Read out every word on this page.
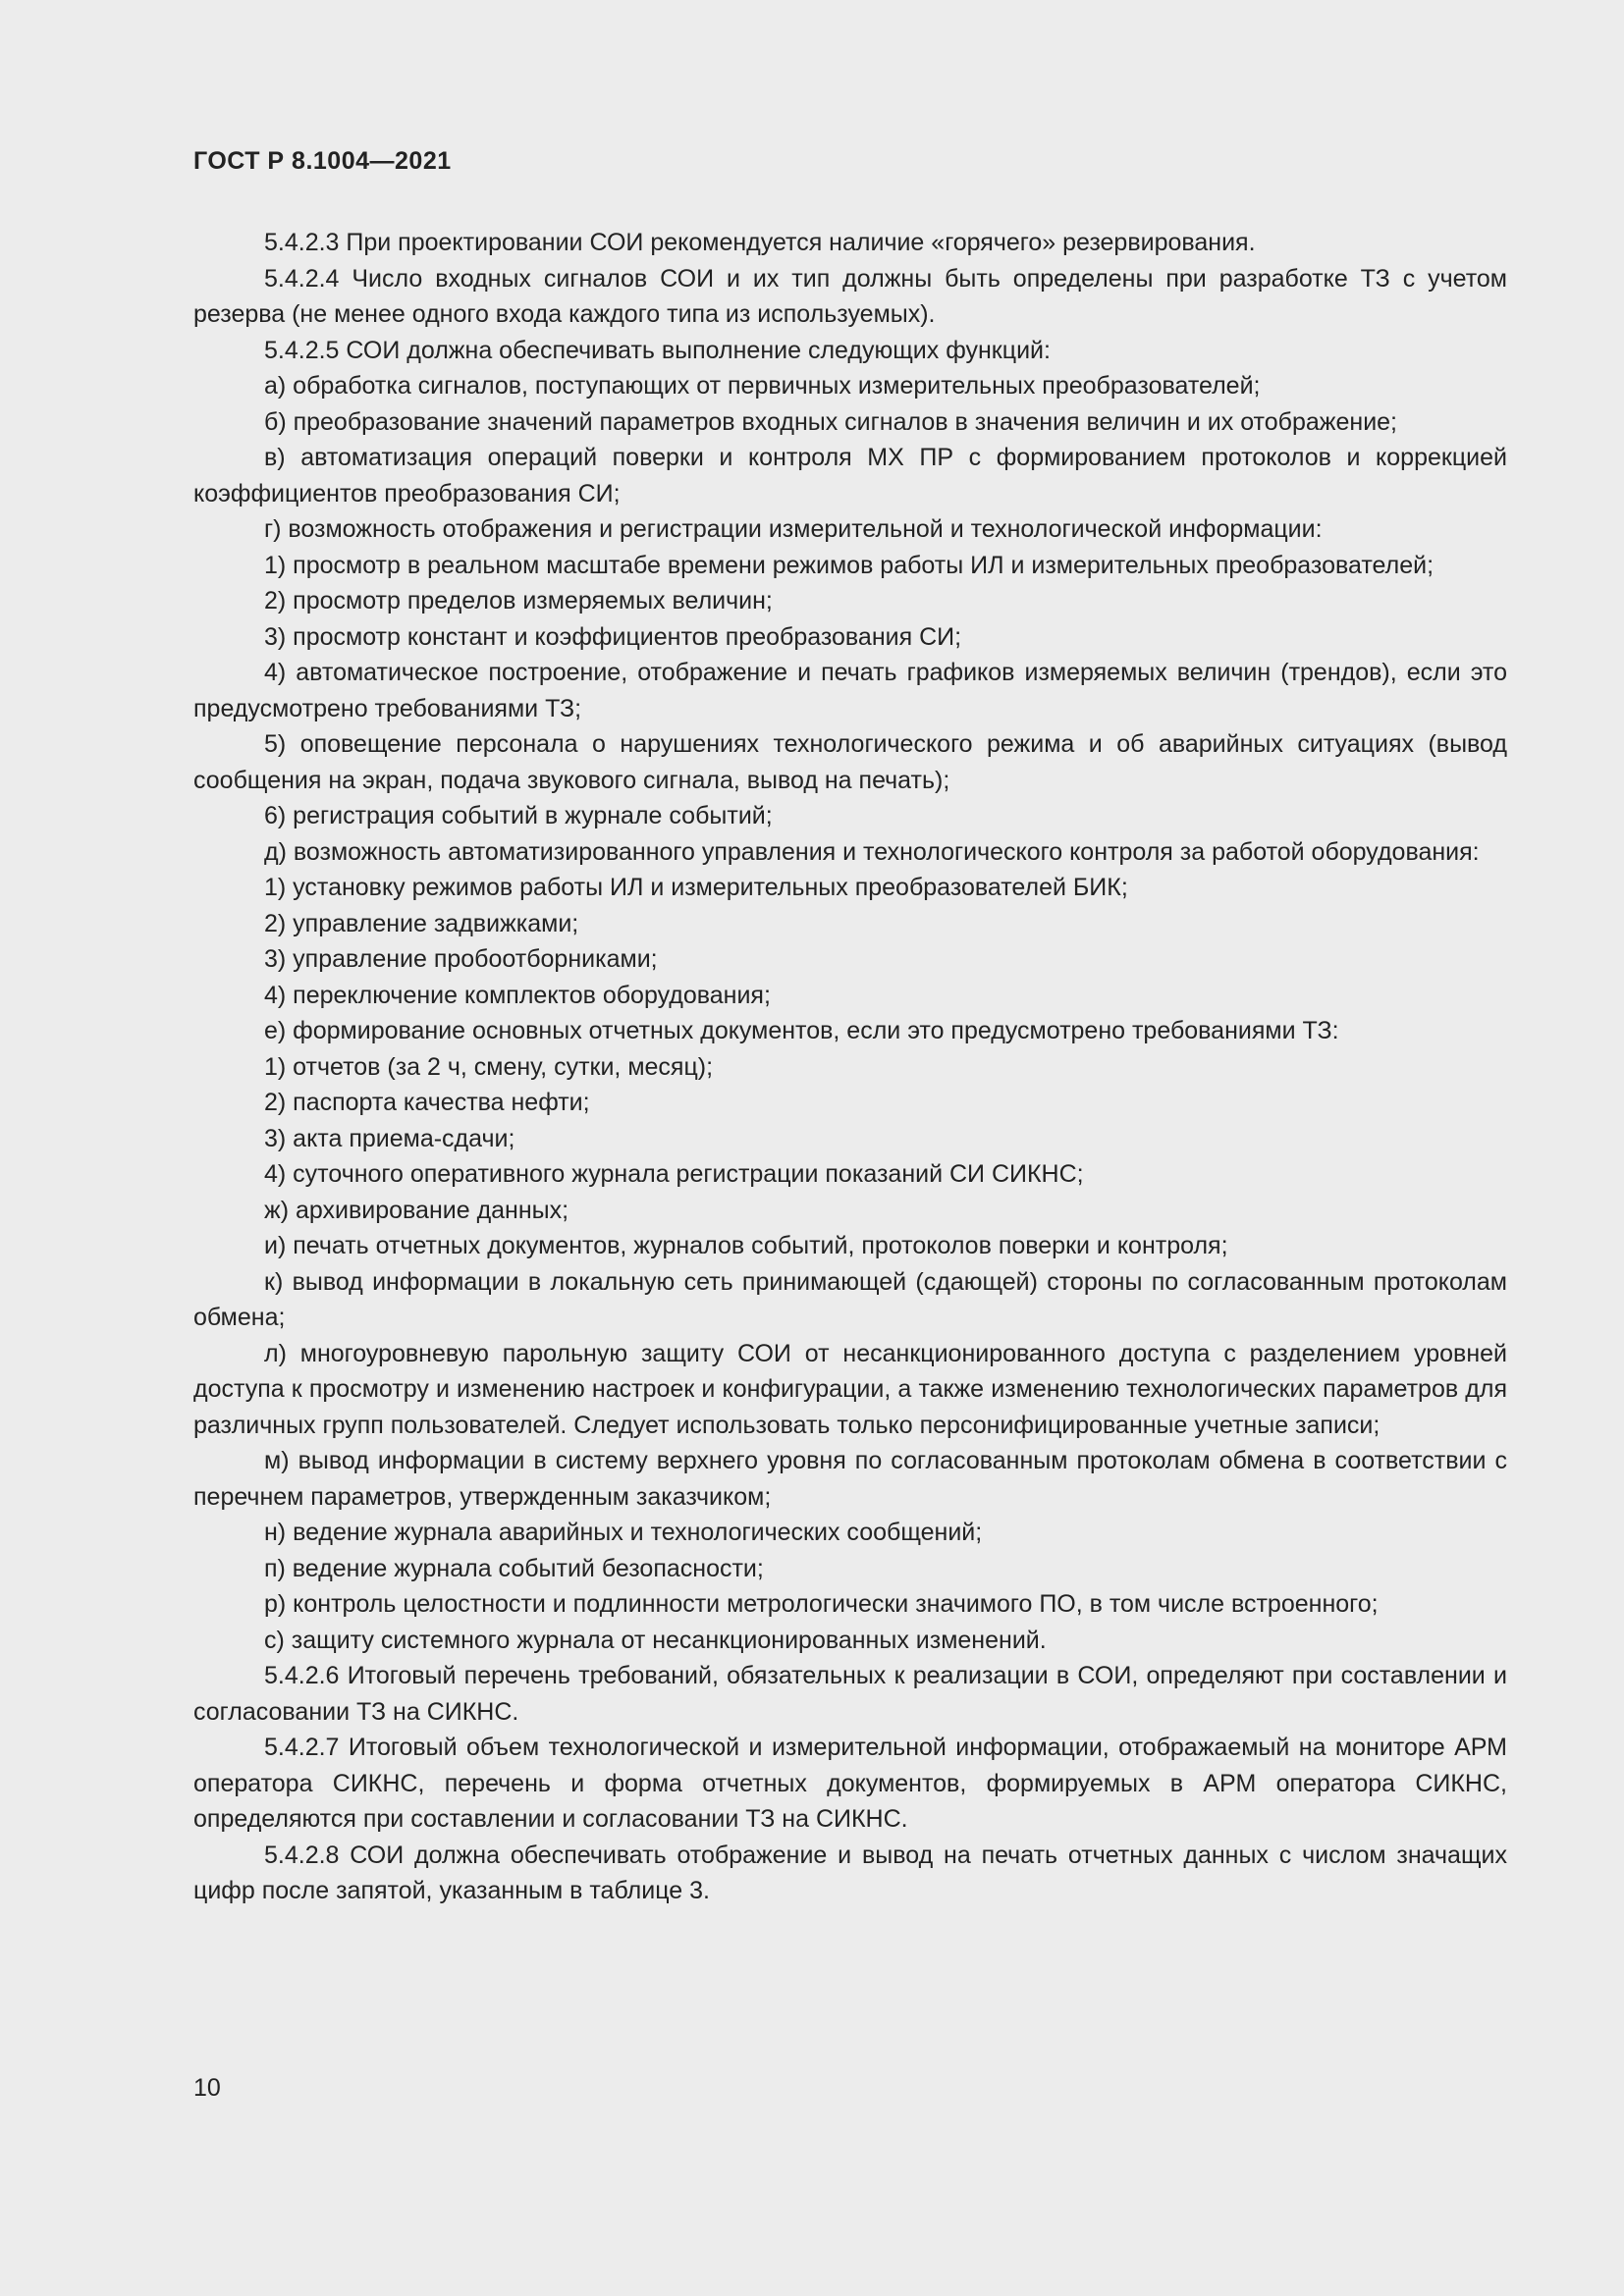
ГОСТ Р 8.1004—2021

5.4.2.3 При проектировании СОИ рекомендуется наличие «горячего» резервирования.

5.4.2.4 Число входных сигналов СОИ и их тип должны быть определены при разработке ТЗ с учетом резерва (не менее одного входа каждого типа из используемых).

5.4.2.5 СОИ должна обеспечивать выполнение следующих функций:

а) обработка сигналов, поступающих от первичных измерительных преобразователей;

б) преобразование значений параметров входных сигналов в значения величин и их отображение;

в) автоматизация операций поверки и контроля МХ ПР с формированием протоколов и коррекцией коэффициентов преобразования СИ;

г) возможность отображения и регистрации измерительной и технологической информации:

1) просмотр в реальном масштабе времени режимов работы ИЛ и измерительных преобразователей;

2) просмотр пределов измеряемых величин;

3) просмотр констант и коэффициентов преобразования СИ;

4) автоматическое построение, отображение и печать графиков измеряемых величин (трендов), если это предусмотрено требованиями ТЗ;

5) оповещение персонала о нарушениях технологического режима и об аварийных ситуациях (вывод сообщения на экран, подача звукового сигнала, вывод на печать);

6) регистрация событий в журнале событий;

д) возможность автоматизированного управления и технологического контроля за работой оборудования:

1) установку режимов работы ИЛ и измерительных преобразователей БИК;

2) управление задвижками;

3) управление пробоотборниками;

4) переключение комплектов оборудования;

е) формирование основных отчетных документов, если это предусмотрено требованиями ТЗ:

1) отчетов (за 2 ч, смену, сутки, месяц);

2) паспорта качества нефти;

3) акта приема-сдачи;

4) суточного оперативного журнала регистрации показаний СИ СИКНС;

ж) архивирование данных;

и) печать отчетных документов, журналов событий, протоколов поверки и контроля;

к) вывод информации в локальную сеть принимающей (сдающей) стороны по согласованным протоколам обмена;

л) многоуровневую парольную защиту СОИ от несанкционированного доступа с разделением уровней доступа к просмотру и изменению настроек и конфигурации, а также изменению технологических параметров для различных групп пользователей. Следует использовать только персонифицированные учетные записи;

м) вывод информации в систему верхнего уровня по согласованным протоколам обмена в соответствии с перечнем параметров, утвержденным заказчиком;

н) ведение журнала аварийных и технологических сообщений;

п) ведение журнала событий безопасности;

р) контроль целостности и подлинности метрологически значимого ПО, в том числе встроенного;

с) защиту системного журнала от несанкционированных изменений.

5.4.2.6 Итоговый перечень требований, обязательных к реализации в СОИ, определяют при составлении и согласовании ТЗ на СИКНС.

5.4.2.7 Итоговый объем технологической и измерительной информации, отображаемый на мониторе АРМ оператора СИКНС, перечень и форма отчетных документов, формируемых в АРМ оператора СИКНС, определяются при составлении и согласовании ТЗ на СИКНС.

5.4.2.8 СОИ должна обеспечивать отображение и вывод на печать отчетных данных с числом значащих цифр после запятой, указанным в таблице 3.

10
